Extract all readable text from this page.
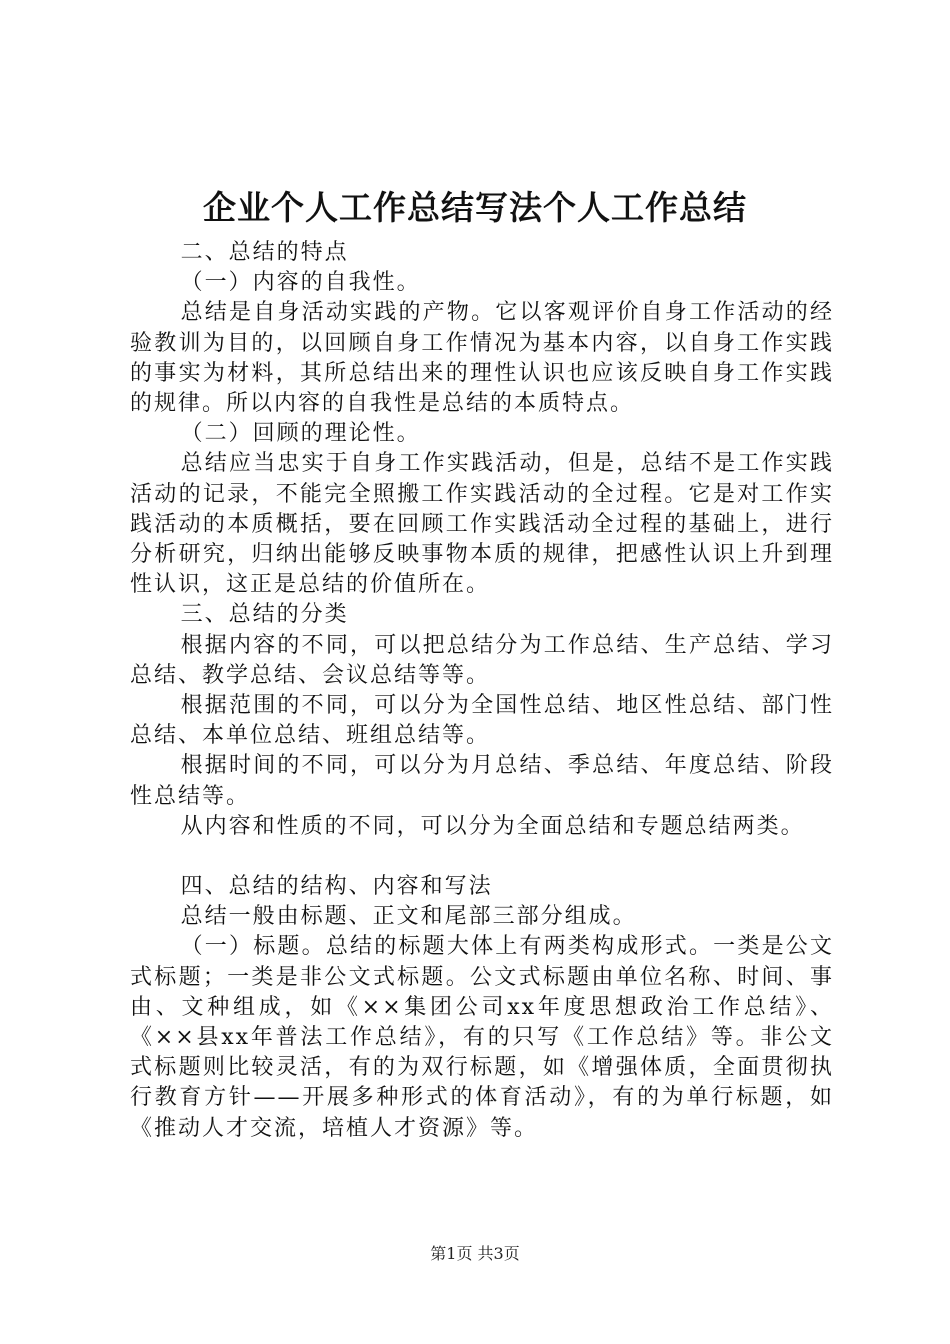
企业个人工作总结写法个人工作总结

二、总结的特点

（一）内容的自我性。

总结是自身活动实践的产物。它以客观评价自身工作活动的经验教训为目的，以回顾自身工作情况为基本内容，以自身工作实践的事实为材料，其所总结出来的理性认识也应该反映自身工作实践的规律。所以内容的自我性是总结的本质特点。

（二）回顾的理论性。

总结应当忠实于自身工作实践活动，但是，总结不是工作实践活动的记录，不能完全照搬工作实践活动的全过程。它是对工作实践活动的本质概括，要在回顾工作实践活动全过程的基础上，进行分析研究，归纳出能够反映事物本质的规律，把感性认识上升到理性认识，这正是总结的价值所在。

三、总结的分类

根据内容的不同，可以把总结分为工作总结、生产总结、学习总结、教学总结、会议总结等等。

根据范围的不同，可以分为全国性总结、地区性总结、部门性总结、本单位总结、班组总结等。

根据时间的不同，可以分为月总结、季总结、年度总结、阶段性总结等。

从内容和性质的不同，可以分为全面总结和专题总结两类。

四、总结的结构、内容和写法

总结一般由标题、正文和尾部三部分组成。

（一）标题。总结的标题大体上有两类构成形式。一类是公文式标题；一类是非公文式标题。公文式标题由单位名称、时间、事由、文种组成，如《××集团公司xx年度思想政治工作总结》、《××县xx年普法工作总结》，有的只写《工作总结》等。非公文式标题则比较灵活，有的为双行标题，如《增强体质，全面贯彻执行教育方针——开展多种形式的体育活动》，有的为单行标题，如《推动人才交流，培植人才资源》等。

第1页 共3页
